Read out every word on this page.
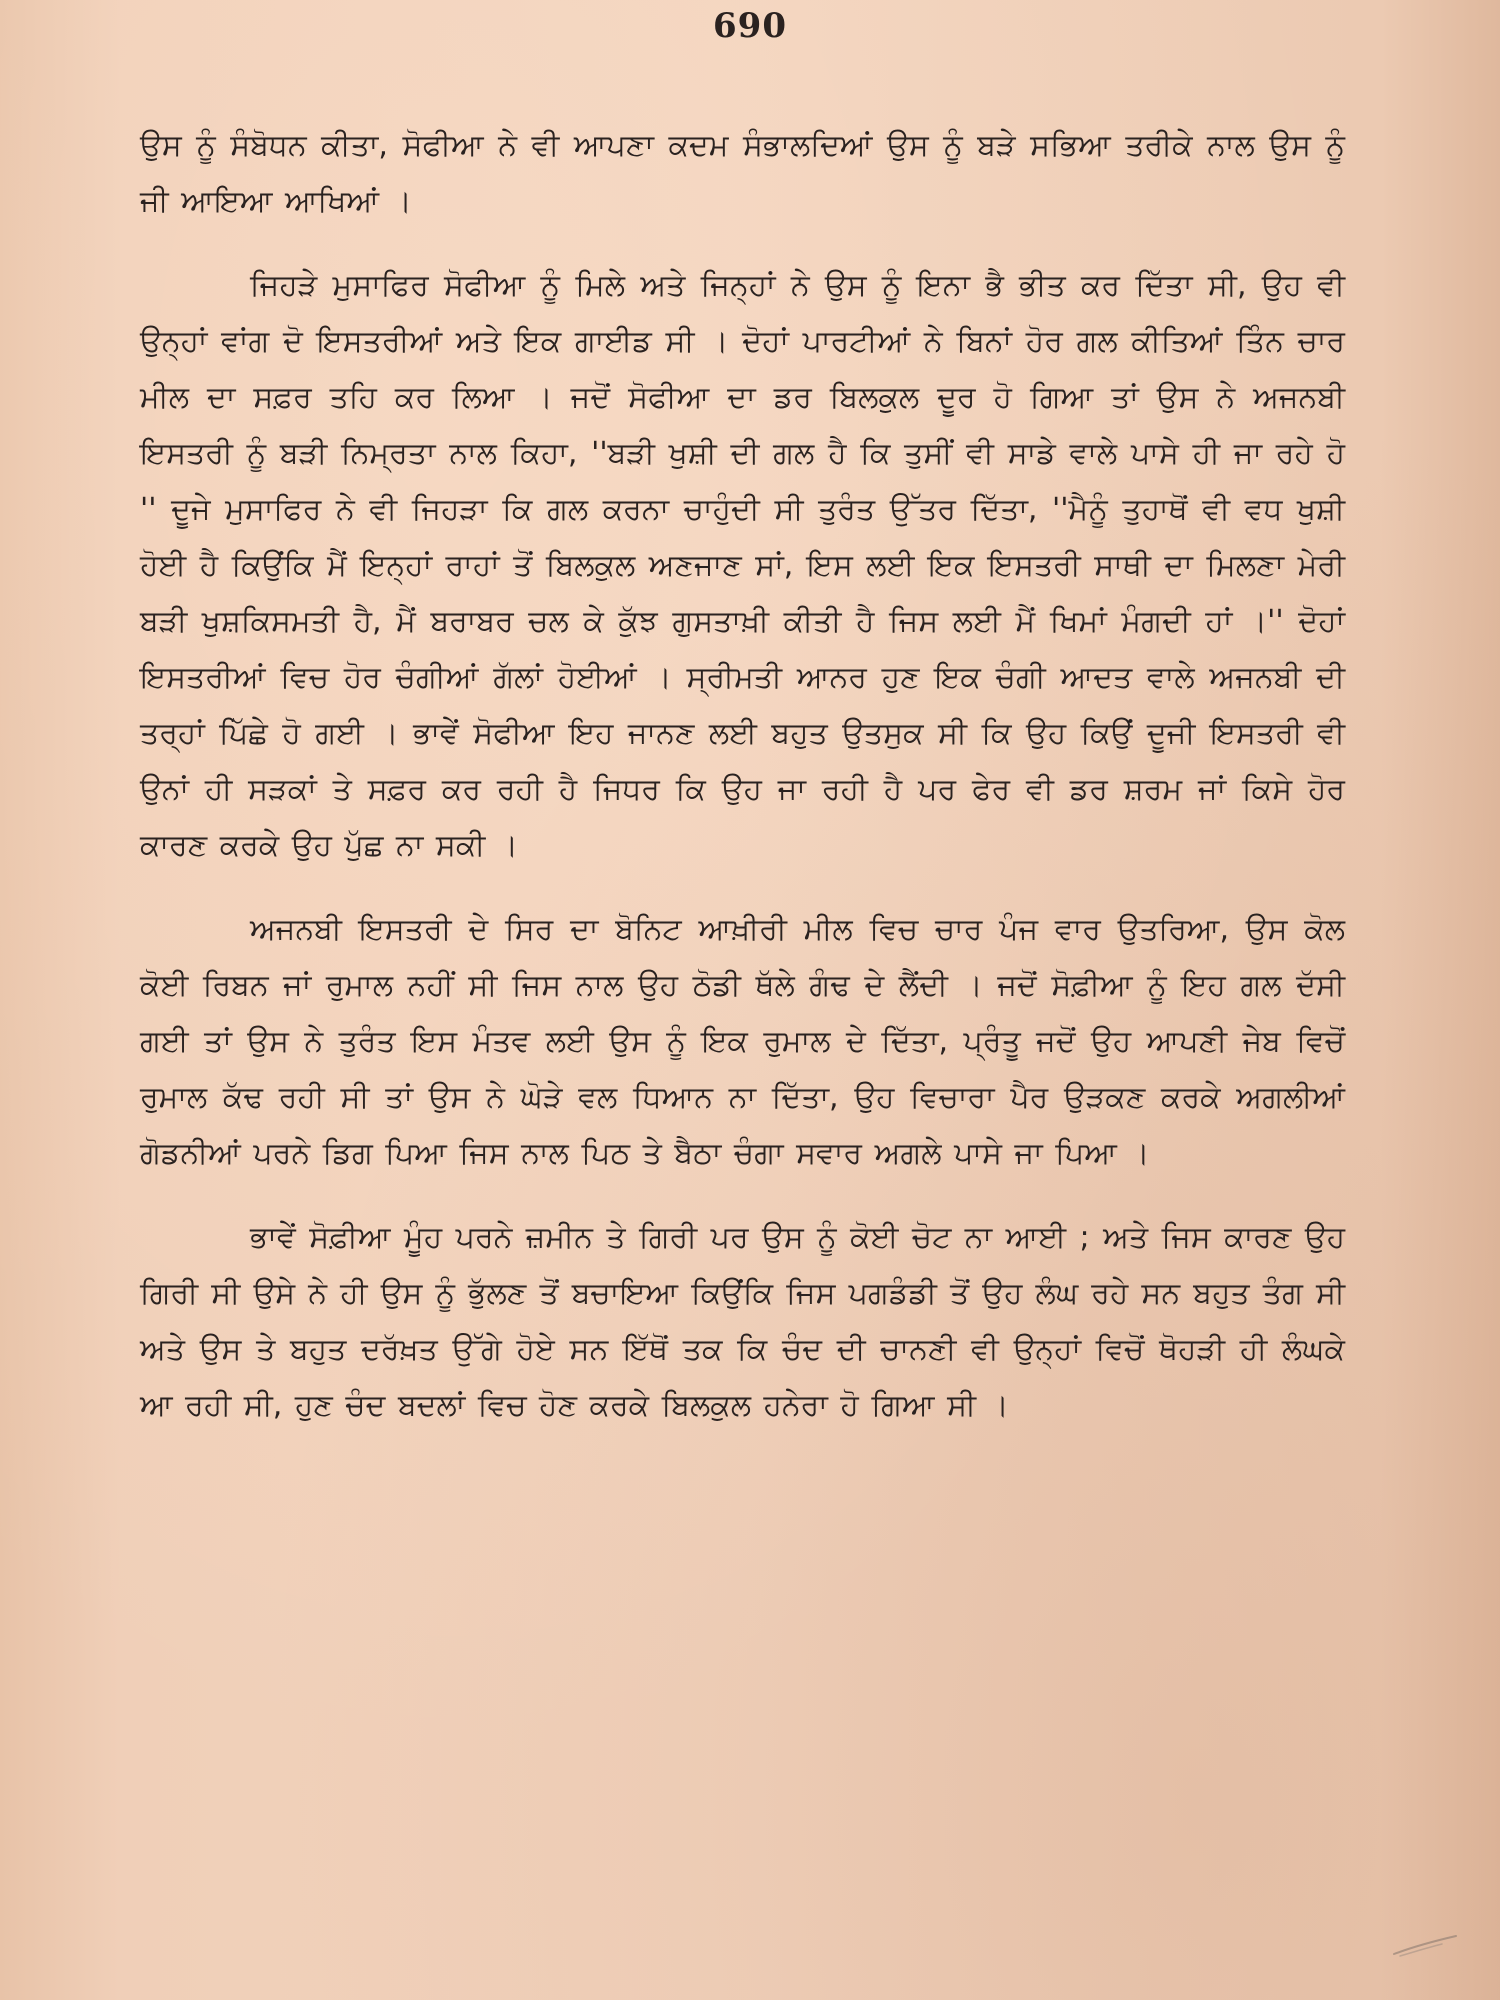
690

ਉਸ ਨੂੰ ਸੰਬੋਧਨ ਕੀਤਾ, ਸੋਫੀਆ ਨੇ ਵੀ ਆਪਣਾ ਕਦਮ ਸੰਭਾਲਦਿਆਂ ਉਸ ਨੂੰ ਬੜੇ ਸਭਿਆ ਤਰੀਕੇ ਨਾਲ ਉਸ ਨੂੰ ਜੀ ਆਇਆ ਆਖਿਆਂ ।

ਜਿਹੜੇ ਮੁਸਾਫਿਰ ਸੋਫੀਆ ਨੂੰ ਮਿਲੇ ਅਤੇ ਜਿਨ੍ਹਾਂ ਨੇ ਉਸ ਨੂੰ ਇਨਾ ਭੈ ਭੀਤ ਕਰ ਦਿੱਤਾ ਸੀ, ਉਹ ਵੀ ਉਨ੍ਹਾਂ ਵਾਂਗ ਦੋ ਇਸਤਰੀਆਂ ਅਤੇ ਇਕ ਗਾਈਡ ਸੀ । ਦੋਹਾਂ ਪਾਰਟੀਆਂ ਨੇ ਬਿਨਾਂ ਹੋਰ ਗਲ ਕੀਤਿਆਂ ਤਿੰਨ ਚਾਰ ਮੀਲ ਦਾ ਸਫ਼ਰ ਤਹਿ ਕਰ ਲਿਆ । ਜਦੋਂ ਸੋਫੀਆ ਦਾ ਡਰ ਬਿਲਕੁਲ ਦੂਰ ਹੋ ਗਿਆ ਤਾਂ ਉਸ ਨੇ ਅਜਨਬੀ ਇਸਤਰੀ ਨੂੰ ਬੜੀ ਨਿਮ੍ਰਤਾ ਨਾਲ ਕਿਹਾ, ''ਬੜੀ ਖੁਸ਼ੀ ਦੀ ਗਲ ਹੈ ਕਿ ਤੁਸੀਂ ਵੀ ਸਾਡੇ ਵਾਲੇ ਪਾਸੇ ਹੀ ਜਾ ਰਹੇ ਹੋ '' ਦੂਜੇ ਮੁਸਾਫਿਰ ਨੇ ਵੀ ਜਿਹੜਾ ਕਿ ਗਲ ਕਰਨਾ ਚਾਹੁੰਦੀ ਸੀ ਤੁਰੰਤ ਉੱਤਰ ਦਿੱਤਾ, ''ਮੈਨੂੰ ਤੁਹਾਥੋਂ ਵੀ ਵਧ ਖੁਸ਼ੀ ਹੋਈ ਹੈ ਕਿਉਂਕਿ ਮੈਂ ਇਨ੍ਹਾਂ ਰਾਹਾਂ ਤੋਂ ਬਿਲਕੁਲ ਅਣਜਾਣ ਸਾਂ, ਇਸ ਲਈ ਇਕ ਇਸਤਰੀ ਸਾਥੀ ਦਾ ਮਿਲਣਾ ਮੇਰੀ ਬੜੀ ਖੁਸ਼ਕਿਸਮਤੀ ਹੈ, ਮੈਂ ਬਰਾਬਰ ਚਲ ਕੇ ਕੁੱਝ ਗੁਸਤਾਖ਼ੀ ਕੀਤੀ ਹੈ ਜਿਸ ਲਈ ਮੈਂ ਖਿਮਾਂ ਮੰਗਦੀ ਹਾਂ ।'' ਦੋਹਾਂ ਇਸਤਰੀਆਂ ਵਿਚ ਹੋਰ ਚੰਗੀਆਂ ਗੱਲਾਂ ਹੋਈਆਂ । ਸ੍ਰੀਮਤੀ ਆਨਰ ਹੁਣ ਇਕ ਚੰਗੀ ਆਦਤ ਵਾਲੇ ਅਜਨਬੀ ਦੀ ਤਰ੍ਹਾਂ ਪਿੱਛੇ ਹੋ ਗਈ । ਭਾਵੇਂ ਸੋਫੀਆ ਇਹ ਜਾਨਣ ਲਈ ਬਹੁਤ ਉਤਸੁਕ ਸੀ ਕਿ ਉਹ ਕਿਉਂ ਦੂਜੀ ਇਸਤਰੀ ਵੀ ਉਨਾਂ ਹੀ ਸੜਕਾਂ ਤੇ ਸਫ਼ਰ ਕਰ ਰਹੀ ਹੈ ਜਿਧਰ ਕਿ ਉਹ ਜਾ ਰਹੀ ਹੈ ਪਰ ਫੇਰ ਵੀ ਡਰ ਸ਼ਰਮ ਜਾਂ ਕਿਸੇ ਹੋਰ ਕਾਰਣ ਕਰਕੇ ਉਹ ਪੁੱਛ ਨਾ ਸਕੀ ।

ਅਜਨਬੀ ਇਸਤਰੀ ਦੇ ਸਿਰ ਦਾ ਬੋਨਿਟ ਆਖ਼ੀਰੀ ਮੀਲ ਵਿਚ ਚਾਰ ਪੰਜ ਵਾਰ ਉਤਰਿਆ, ਉਸ ਕੋਲ ਕੋਈ ਰਿਬਨ ਜਾਂ ਰੁਮਾਲ ਨਹੀਂ ਸੀ ਜਿਸ ਨਾਲ ਉਹ ਠੋਡੀ ਥੱਲੇ ਗੰਢ ਦੇ ਲੈਂਦੀ । ਜਦੋਂ ਸੋਫ਼ੀਆ ਨੂੰ ਇਹ ਗਲ ਦੱਸੀ ਗਈ ਤਾਂ ਉਸ ਨੇ ਤੁਰੰਤ ਇਸ ਮੰਤਵ ਲਈ ਉਸ ਨੂੰ ਇਕ ਰੁਮਾਲ ਦੇ ਦਿੱਤਾ, ਪ੍ਰੰਤੂ ਜਦੋਂ ਉਹ ਆਪਣੀ ਜੇਬ ਵਿਚੋਂ ਰੁਮਾਲ ਕੱਢ ਰਹੀ ਸੀ ਤਾਂ ਉਸ ਨੇ ਘੋੜੇ ਵਲ ਧਿਆਨ ਨਾ ਦਿੱਤਾ, ਉਹ ਵਿਚਾਰਾ ਪੈਰ ਉੜਕਣ ਕਰਕੇ ਅਗਲੀਆਂ ਗੋਡਨੀਆਂ ਪਰਨੇ ਡਿਗ ਪਿਆ ਜਿਸ ਨਾਲ ਪਿਠ ਤੇ ਬੈਠਾ ਚੰਗਾ ਸਵਾਰ ਅਗਲੇ ਪਾਸੇ ਜਾ ਪਿਆ ।

ਭਾਵੇਂ ਸੋਫ਼ੀਆ ਮੂੰਹ ਪਰਨੇ ਜ਼ਮੀਨ ਤੇ ਗਿਰੀ ਪਰ ਉਸ ਨੂੰ ਕੋਈ ਚੋਟ ਨਾ ਆਈ ; ਅਤੇ ਜਿਸ ਕਾਰਣ ਉਹ ਗਿਰੀ ਸੀ ਉਸੇ ਨੇ ਹੀ ਉਸ ਨੂੰ ਭੁੱਲਣ ਤੋਂ ਬਚਾਇਆ ਕਿਉਂਕਿ ਜਿਸ ਪਗਡੰਡੀ ਤੋਂ ਉਹ ਲੰਘ ਰਹੇ ਸਨ ਬਹੁਤ ਤੰਗ ਸੀ ਅਤੇ ਉਸ ਤੇ ਬਹੁਤ ਦਰੱਖ਼ਤ ਉੱਗੇ ਹੋਏ ਸਨ ਇੱਥੋਂ ਤਕ ਕਿ ਚੰਦ ਦੀ ਚਾਨਣੀ ਵੀ ਉਨ੍ਹਾਂ ਵਿਚੋਂ ਥੋਹੜੀ ਹੀ ਲੰਘਕੇ ਆ ਰਹੀ ਸੀ, ਹੁਣ ਚੰਦ ਬਦਲਾਂ ਵਿਚ ਹੋਣ ਕਰਕੇ ਬਿਲਕੁਲ ਹਨੇਰਾ ਹੋ ਗਿਆ ਸੀ ।
